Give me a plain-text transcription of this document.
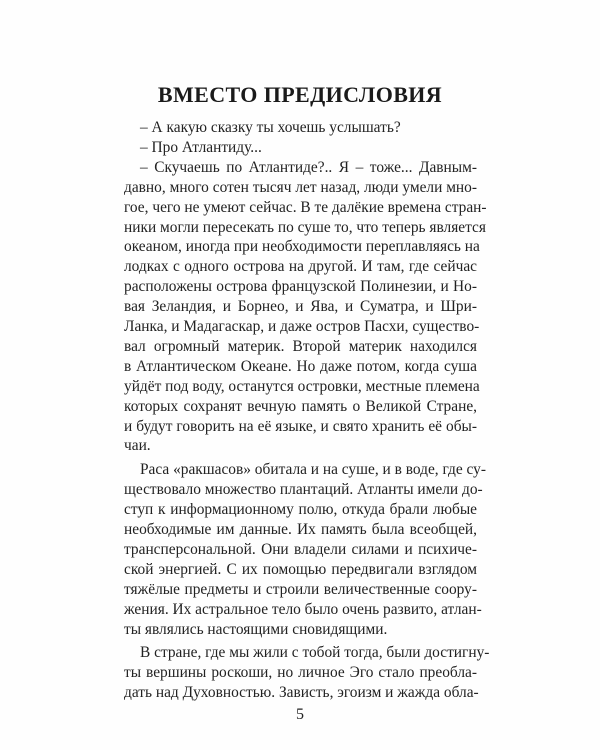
ВМЕСТО ПРЕДИСЛОВИЯ
– А какую сказку ты хочешь услышать?
– Про Атлантиду...
– Скучаешь по Атлантиде?.. Я – тоже... Давным-
давно, много сотен тысяч лет назад, люди умели мно-
гое, чего не умеют сейчас. В те далёкие времена стран-
ники могли пересекать по суше то, что теперь является
океаном, иногда при необходимости переплавляясь на
лодках с одного острова на другой. И там, где сейчас
расположены острова французской Полинезии, и Но-
вая Зеландия, и Борнео, и Ява, и Суматра, и Шри-
Ланка, и Мадагаскар, и даже остров Пасхи, существо-
вал огромный материк. Второй материк находился
в Атлантическом Океане. Но даже потом, когда суша
уйдёт под воду, останутся островки, местные племена
которых сохранят вечную память о Великой Стране,
и будут говорить на её языке, и свято хранить её обы-
чаи.
Раса «ракшасов» обитала и на суше, и в воде, где су-
ществовало множество плантаций. Атланты имели до-
ступ к информационному полю, откуда брали любые
необходимые им данные. Их память была всеобщей,
трансперсональной. Они владели силами и психиче-
ской энергией. С их помощью передвигали взглядом
тяжёлые предметы и строили величественные соору-
жения. Их астральное тело было очень развито, атлан-
ты являлись настоящими сновидящими.
В стране, где мы жили с тобой тогда, были достигну-
ты вершины роскоши, но личное Эго стало преобла-
дать над Духовностью. Зависть, эгоизм и жажда обла-
5
